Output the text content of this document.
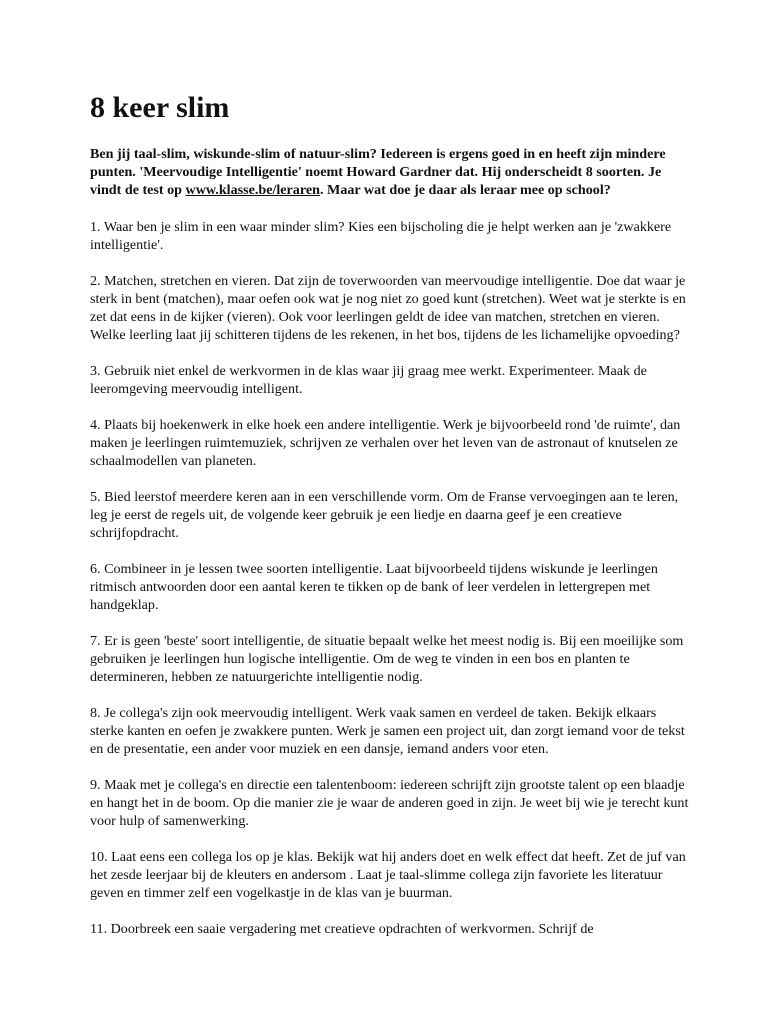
8 keer slim

Ben jij taal-slim, wiskunde-slim of natuur-slim? Iedereen is ergens goed in en heeft zijn mindere punten. 'Meervoudige Intelligentie' noemt Howard Gardner dat. Hij onderscheidt 8 soorten. Je vindt de test op www.klasse.be/leraren. Maar wat doe je daar als leraar mee op school?

1. Waar ben je slim in een waar minder slim? Kies een bijscholing die je helpt werken aan je 'zwakkere intelligentie'.

2. Matchen, stretchen en vieren. Dat zijn de toverwoorden van meervoudige intelligentie. Doe dat waar je sterk in bent (matchen), maar oefen ook wat je nog niet zo goed kunt (stretchen). Weet wat je sterkte is en zet dat eens in de kijker (vieren). Ook voor leerlingen geldt de idee van matchen, stretchen en vieren. Welke leerling laat jij schitteren tijdens de les rekenen, in het bos, tijdens de les lichamelijke opvoeding?

3. Gebruik niet enkel de werkvormen in de klas waar jij graag mee werkt. Experimenteer. Maak de leeromgeving meervoudig intelligent.

4. Plaats bij hoekenwerk in elke hoek een andere intelligentie. Werk je bijvoorbeeld rond 'de ruimte', dan maken je leerlingen ruimtemuziek, schrijven ze verhalen over het leven van de astronaut of knutselen ze schaalmodellen van planeten.

5. Bied leerstof meerdere keren aan in een verschillende vorm. Om de Franse vervoegingen aan te leren, leg je eerst de regels uit, de volgende keer gebruik je een liedje en daarna geef je een creatieve schrijfopdracht.

6. Combineer in je lessen twee soorten intelligentie. Laat bijvoorbeeld tijdens wiskunde je leerlingen ritmisch antwoorden door een aantal keren te tikken op de bank of leer verdelen in lettergrepen met handgeklap.

7. Er is geen 'beste' soort intelligentie, de situatie bepaalt welke het meest nodig is. Bij een moeilijke som gebruiken je leerlingen hun logische intelligentie. Om de weg te vinden in een bos en planten te determineren, hebben ze natuurgerichte intelligentie nodig.

8. Je collega's zijn ook meervoudig intelligent. Werk vaak samen en verdeel de taken. Bekijk elkaars sterke kanten en oefen je zwakkere punten. Werk je samen een project uit, dan zorgt iemand voor de tekst en de presentatie, een ander voor muziek en een dansje, iemand anders voor eten.

9. Maak met je collega's en directie een talentenboom: iedereen schrijft zijn grootste talent op een blaadje en hangt het in de boom. Op die manier zie je waar de anderen goed in zijn. Je weet bij wie je terecht kunt voor hulp of samenwerking.

10. Laat eens een collega los op je klas. Bekijk wat hij anders doet en welk effect dat heeft. Zet de juf van het zesde leerjaar bij de kleuters en andersom . Laat je taal-slimme collega zijn favoriete les literatuur geven en timmer zelf een vogelkastje in de klas van je buurman.

11. Doorbreek een saaie vergadering met creatieve opdrachten of werkvormen. Schrijf de
